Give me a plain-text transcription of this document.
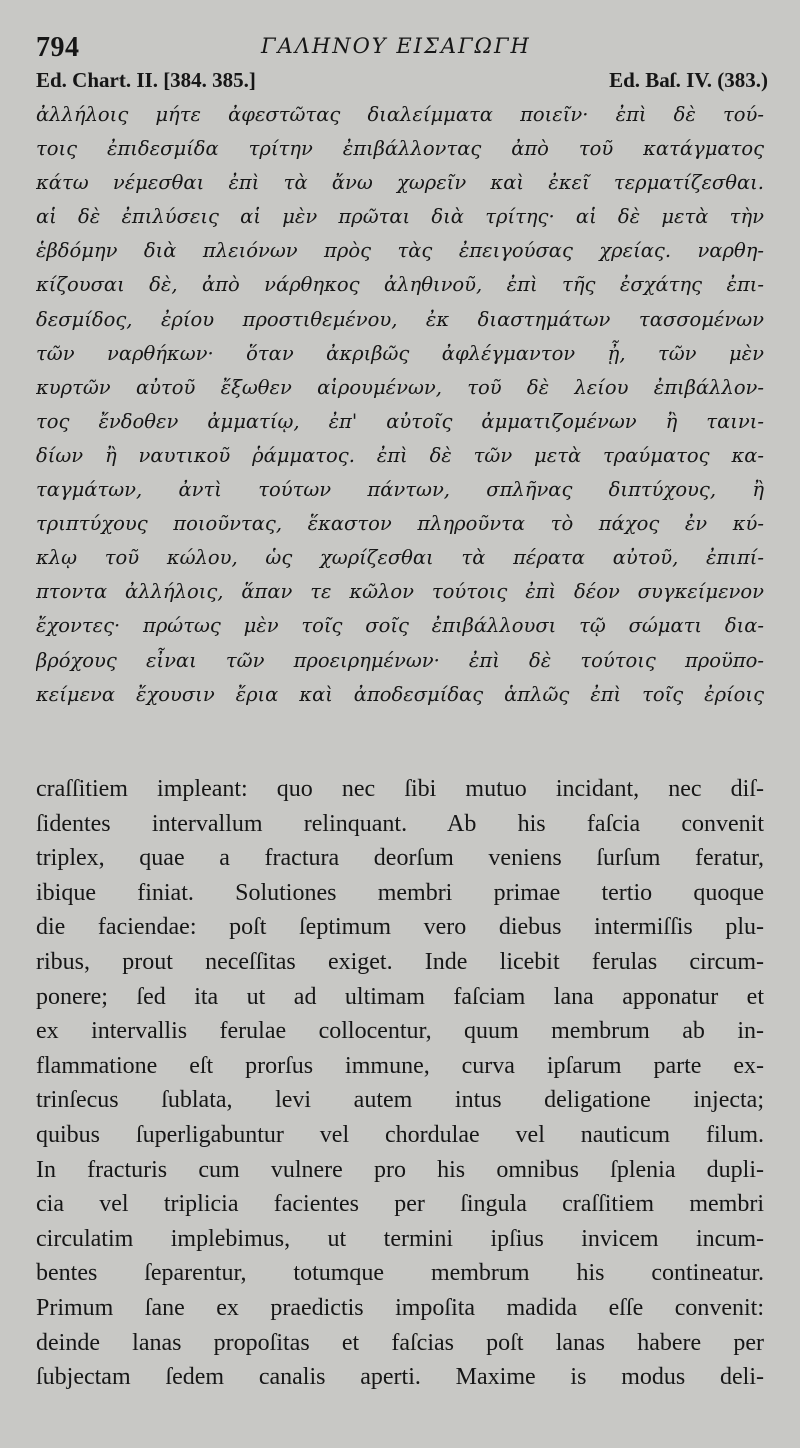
794	ΓΑΛΗΝΟΥ ΕΙΣΑΓΩΓΗ
Ed. Chart. II. [384. 385.]	Ed. Baſ. IV. (383.)
ἀλλήλοις μήτε ἀφεστῶτας διαλείμματα ποιεῖν· ἐπὶ δὲ τού-
τοις ἐπιδεσμίδα τρίτην ἐπιβάλλοντας ἀπὸ τοῦ κατάγματος
κάτω νέμεσθαι ἐπὶ τὰ ἄνω χωρεῖν καὶ ἐκεῖ τερματίζεσθαι.
αἱ δὲ ἐπιλύσεις αἱ μὲν πρῶται διὰ τρίτης· αἱ δὲ μετὰ τὴν
ἑβδόμην διὰ πλειόνων πρὸς τὰς ἐπειγούσας χρείας. ναρθη-
κίζουσαι δὲ, ἀπὸ νάρθηκος ἀληθινοῦ, ἐπὶ τῆς ἐσχάτης ἐπι-
δεσμίδος, ἐρίου προστιθεμένου, ἐκ διαστημάτων τασσομένων
τῶν ναρθήκων· ὅταν ἀκριβῶς ἀφλέγμαντον ᾖ, τῶν μὲν
κυρτῶν αὐτοῦ ἔξωθεν αἱρουμένων, τοῦ δὲ λείου ἐπιβάλλον-
τος ἔνδοθεν ἀμματίῳ, ἐπ' αὐτοῖς ἀμματιζομένων ἢ ταινι-
δίων ἢ ναυτικοῦ ῥάμματος. ἐπὶ δὲ τῶν μετὰ τραύματος κα-
ταγμάτων, ἀντὶ τούτων πάντων, σπλῆνας διπτύχους, ἢ
τριπτύχους ποιοῦντας, ἕκαστον πληροῦντα τὸ πάχος ἐν κύ-
κλῳ τοῦ κώλου, ὡς χωρίζεσθαι τὰ πέρατα αὐτοῦ, ἐπιπί-
πτοντα ἀλλήλοις, ἅπαν τε κῶλον τούτοις ἐπὶ δέον συγκείμενον
ἔχοντες· πρώτως μὲν τοῖς σοῖς ἐπιβάλλουσι τῷ σώματι δια-
βρόχους εἶναι τῶν προειρημένων· ἐπὶ δὲ τούτοις προϋπο-
κείμενα ἔχουσιν ἔρια καὶ ἀποδεσμίδας ἁπλῶς ἐπὶ τοῖς ἐρίοις
craſſitiem impleant: quo nec ſibi mutuo incidant, nec diſ-
ſidentes intervallum relinquant. Ab his faſcia convenit
triplex, quae a fractura deorſum veniens ſurſum feratur,
ibique finiat. Solutiones membri primae tertio quoque
die faciendae: poſt ſeptimum vero diebus intermiſſis plu-
ribus, prout neceſſitas exiget. Inde licebit ferulas circum-
ponere; ſed ita ut ad ultimam faſciam lana apponatur et
ex intervallis ferulae collocentur, quum membrum ab in-
flammatione eſt prorſus immune, curva ipſarum parte ex-
trinſecus ſublata, levi autem intus deligatione injecta;
quibus ſuperligabuntur vel chordulae vel nauticum filum.
In fracturis cum vulnere pro his omnibus ſplenia dupli-
cia vel triplicia facientes per ſingula craſſitiem membri
circulatim implebimus, ut termini ipſius invicem incum-
bentes ſeparentur, totumque membrum his contineatur.
Primum ſane ex praedictis impoſita madida eſſe convenit:
deinde lanas propoſitas et faſcias poſt lanas habere per
ſubjectam ſedem canalis aperti. Maxime is modus deli-
